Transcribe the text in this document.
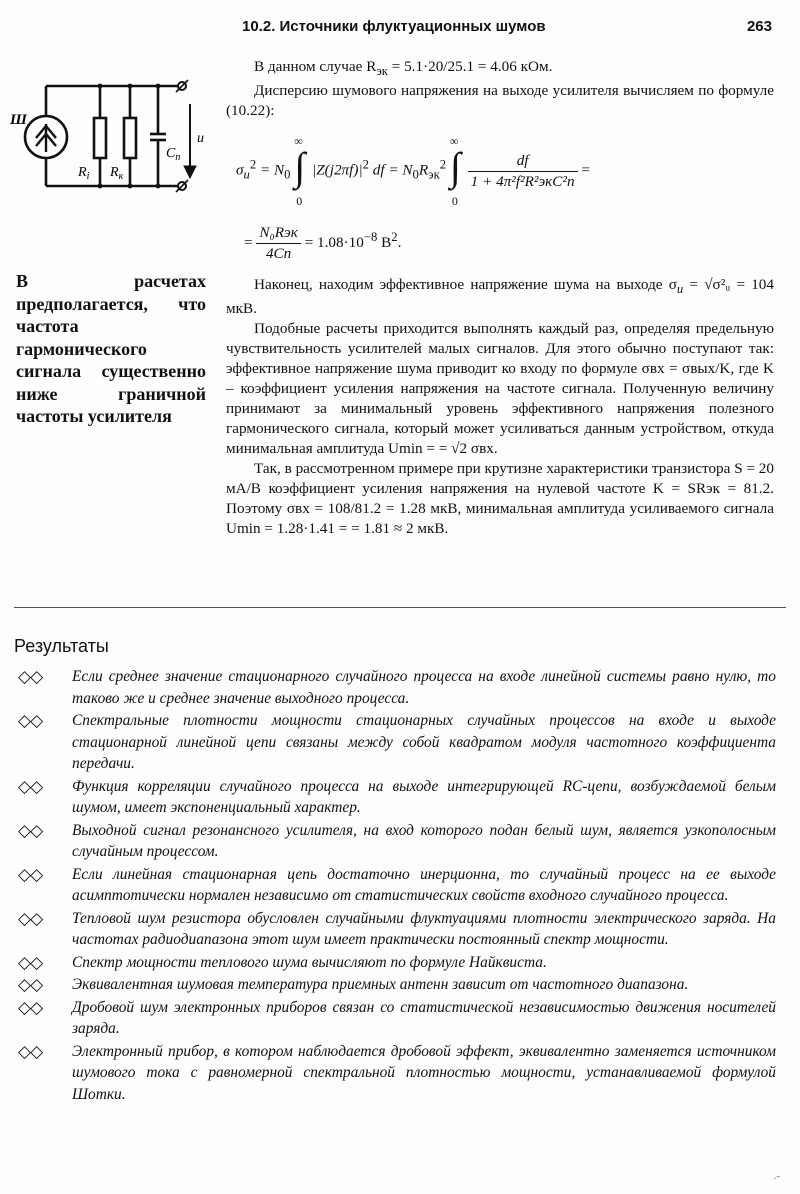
10.2. Источники флуктуационных шумов	263
Ш
$R_i$ $R_к$
$C_п$
u

В данном случае $R_{эк} = 5.1\cdot 20/25.1 = 4.06$ кОм.

Дисперсию шумового напряжения на выходе усилителя вычисляем по формуле (10.22):

$\sigma_u^2 = N_0$
∞
∫
0
$|Z(j2\pi f)|^2$ df = $N_0R_{эк}^2$
∞
∫
0

$\frac{df}{\text{1 + 4π²f²R²экC²п}}$ =
= $\frac{\text{N₀Rэк}}{4Cп} = 1.08\cdot 10^{-8}$ $В^2$.

Наконец, находим эффективное напряжение шума на выходе $\sigma_u$ = √σ²ᵤ = 104 мкВ.

Подобные расчеты приходится выполнять каждый раз, определяя предельную чувствительность усилителей малых сигналов. Для этого обычно поступают так: эффективное напряжение шума приводит ко входу по формуле σвх = σвых/K, где K – коэффициент усиления напряжения на частоте сигнала. Полученную величину принимают за минимальный уровень эффективного напряжения полезного гармонического сигнала, который может усиливаться данным устройством, откуда минимальная амплитуда Umin = = √2 σвх.

Так, в рассмотренном примере при крутизне характеристики транзистора S = 20 мА/В коэффициент усиления напряжения на нулевой частоте K = SRэк = 81.2. Поэтому σвх = 108/81.2 = 1.28 мкВ, минимальная амплитуда усиливаемого сигнала Umin = 1.28·1.41 = = 1.81 ≈ 2 мкВ.

В расчетах предполагается, что частота гармонического сигнала существенно ниже граничной частоты усилителя
Результаты
◇◇ Если среднее значение стационарного случайного процесса на входе линейной системы равно нулю, то таково же и среднее значение выходного процесса.
◇◇ Спектральные плотности мощности стационарных случайных процессов на входе и выходе стационарной линейной цепи связаны между собой квадратом модуля частотного коэффициента передачи.
◇◇ Функция корреляции случайного процесса на выходе интегрирующей RC-цепи, возбуждаемой белым шумом, имеет экспоненциальный характер.
◇◇ Выходной сигнал резонансного усилителя, на вход которого подан белый шум, является узкополосным случайным процессом.
◇◇ Если линейная стационарная цепь достаточно инерционна, то случайный процесс на ее выходе асимптотически нормален независимо от статистических свойств входного случайного процесса.
◇◇ Тепловой шум резистора обусловлен случайными флуктуациями плотности электрического заряда. На частотах радиодиапазона этот шум имеет практически постоянный спектр мощности.
◇◇ Спектр мощности теплового шума вычисляют по формуле Найквиста.
◇◇ Эквивалентная шумовая температура приемных антенн зависит от частотного диапазона.
◇◇ Дробовой шум электронных приборов связан со статистической независимостью движения носителей заряда.
◇◇ Электронный прибор, в котором наблюдается дробовой эффект, эквивалентно заменяется источником шумового тока с равномерной спектральной плотностью мощности, устанавливаемой формулой Шотки.
.-
